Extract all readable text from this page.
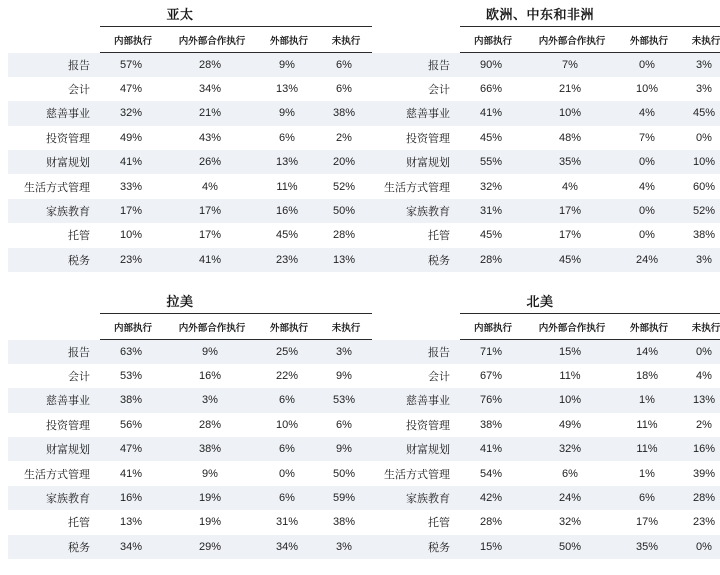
亚太

	内部执行	内外部合作执行	外部执行	未执行
报告	57%	28%	9%	6%
会计	47%	34%	13%	6%
慈善事业	32%	21%	9%	38%
投资管理	49%	43%	6%	2%
财富规划	41%	26%	13%	20%
生活方式管理	33%	4%	11%	52%
家族教育	17%	17%	16%	50%
托管	10%	17%	45%	28%
税务	23%	41%	23%	13%
欧洲、中东和非洲

	内部执行	内外部合作执行	外部执行	未执行
报告	90%	7%	0%	3%
会计	66%	21%	10%	3%
慈善事业	41%	10%	4%	45%
投资管理	45%	48%	7%	0%
财富规划	55%	35%	0%	10%
生活方式管理	32%	4%	4%	60%
家族教育	31%	17%	0%	52%
托管	45%	17%	0%	38%
税务	28%	45%	24%	3%
拉美

	内部执行	内外部合作执行	外部执行	未执行
报告	63%	9%	25%	3%
会计	53%	16%	22%	9%
慈善事业	38%	3%	6%	53%
投资管理	56%	28%	10%	6%
财富规划	47%	38%	6%	9%
生活方式管理	41%	9%	0%	50%
家族教育	16%	19%	6%	59%
托管	13%	19%	31%	38%
税务	34%	29%	34%	3%
北美

	内部执行	内外部合作执行	外部执行	未执行
报告	71%	15%	14%	0%
会计	67%	11%	18%	4%
慈善事业	76%	10%	1%	13%
投资管理	38%	49%	11%	2%
财富规划	41%	32%	11%	16%
生活方式管理	54%	6%	1%	39%
家族教育	42%	24%	6%	28%
托管	28%	32%	17%	23%
税务	15%	50%	35%	0%
